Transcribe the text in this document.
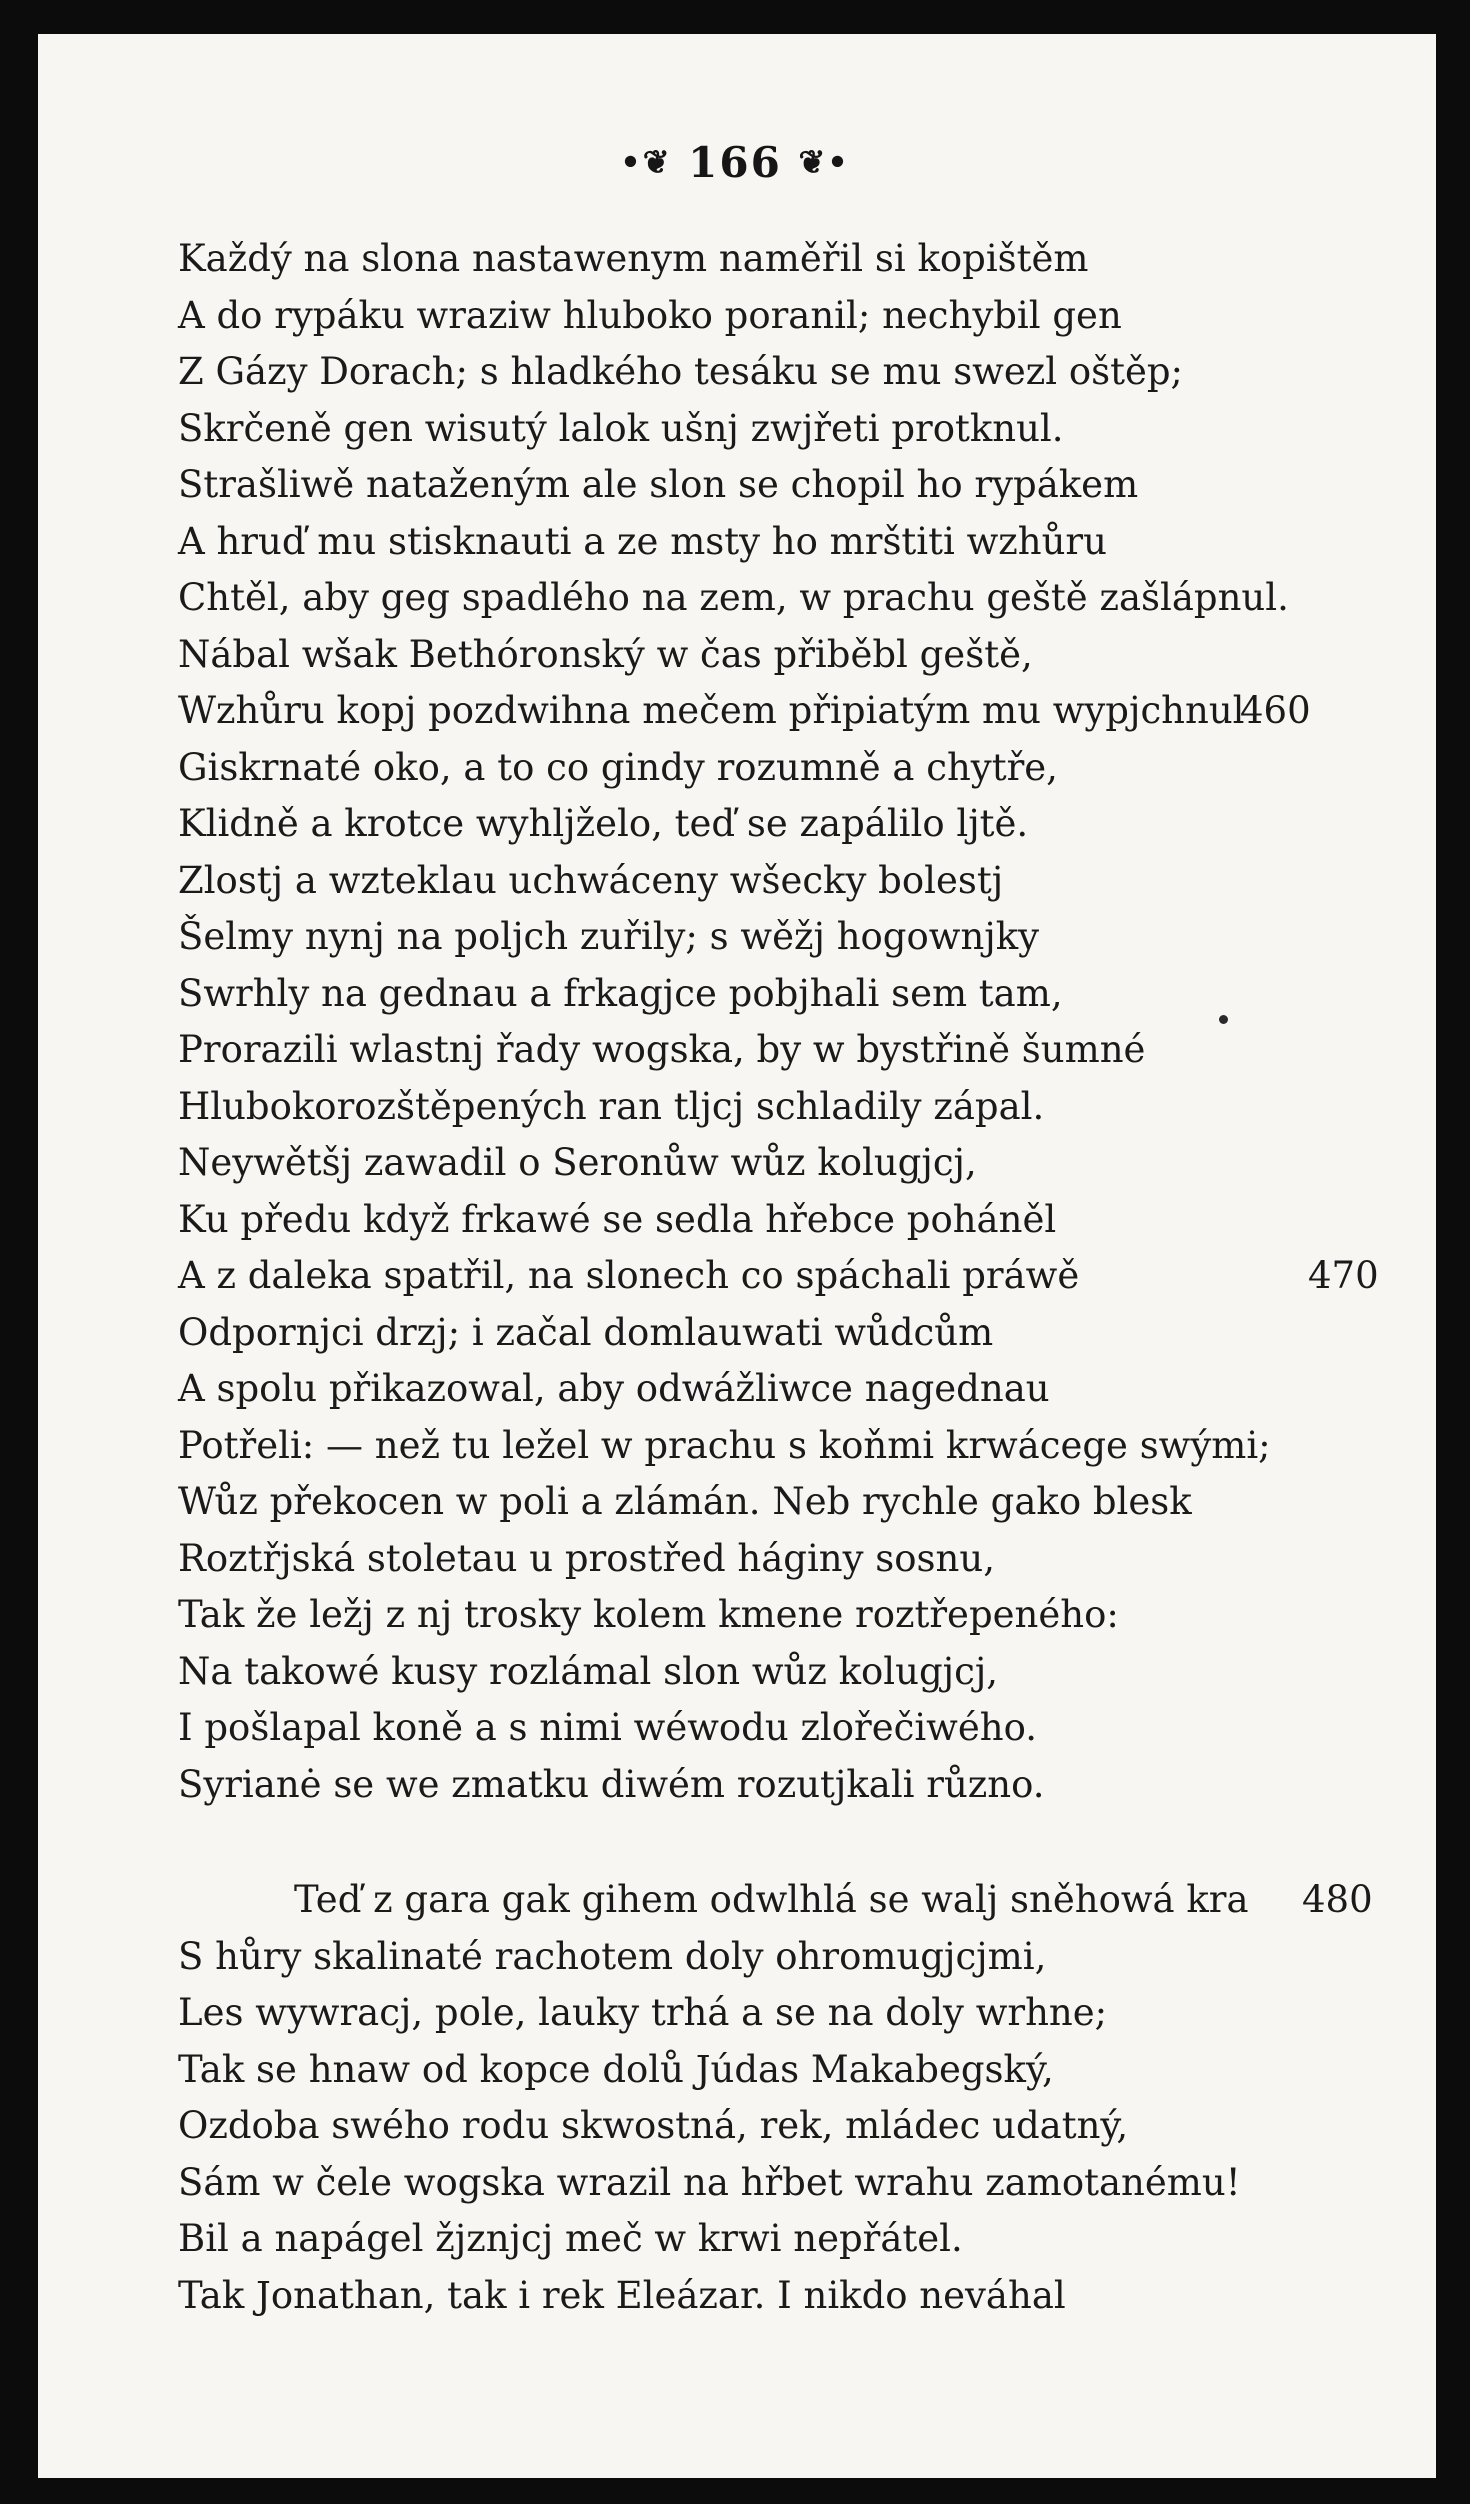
•❦ 166 ❦•
Každý na slona nastawenym naměřil si kopištěm
A do rypáku wraziw hluboko poranil; nechybil gen
Z Gázy Dorach; s hladkého tesáku se mu swezl oštěp;
Skrčeně gen wisutý lalok ušnj zwjřeti protknul.
Strašliwě nataženým ale slon se chopil ho rypákem
A hruď mu stisknauti a ze msty ho mrštiti wzhůru
Chtěl, aby geg spadlého na zem, w prachu geště zašlápnul.
Nábal wšak Bethóronský w čas přiběbl geště,
Wzhůru kopj pozdwihna mečem připiatým mu wypjchnul
460
Giskrnaté oko, a to co gindy rozumně a chytře,
Klidně a krotce wyhljželo, teď se zapálilo ljtě.
Zlostj a wzteklau uchwáceny wšecky bolestj
Šelmy nynj na poljch zuřily; s wěžj hogownjky
Swrhly na gednau a frkagjce pobjhali sem tam,
Prorazili wlastnj řady wogska, by w bystřině šumné
Hlubokorozštěpených ran tljcj schladily zápal.
Neywětšj zawadil o Seronůw wůz kolugjcj,
Ku předu když frkawé se sedla hřebce poháněl
A z daleka spatřil, na slonech co spáchali práwě	470
Odpornjci drzj; i začal domlauwati wůdcům
A spolu přikazowal, aby odwážliwce nagednau
Potřeli: — než tu ležel w prachu s koňmi krwácege swými;
Wůz překocen w poli a zlámán. Neb rychle gako blesk
Roztřjská stoletau u prostřed háginy sosnu,
Tak že ležj z nj trosky kolem kmene roztřepeného:
Na takowé kusy rozlámal slon wůz kolugjcj,
I pošlapal koně a s nimi wéwodu zlořečiwého.
Syrianė se we zmatku diwém rozutjkali různo.
Teď z gara gak gihem odwlhlá se walj sněhowá kra 480
S hůry skalinaté rachotem doly ohromugjcjmi,
Les wywracj, pole, lauky trhá a se na doly wrhne;
Tak se hnaw od kopce dolů Júdas Makabegský,
Ozdoba swého rodu skwostná, rek, mládec udatný,
Sám w čele wogska wrazil na hřbet wrahu zamotanému!
Bil a napágel žjznjcj meč w krwi nepřátel.
Tak Jonathan, tak i rek Eleázar. I nikdo neváhal
